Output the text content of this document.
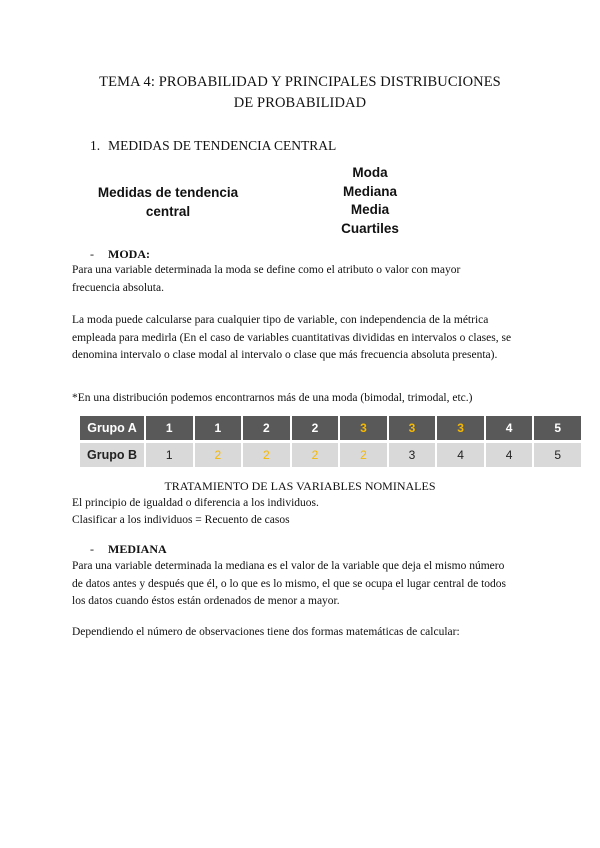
TEMA 4: PROBABILIDAD Y PRINCIPALES DISTRIBUCIONES
DE PROBABILIDAD
1. MEDIDAS DE TENDENCIA CENTRAL
Medidas de tendencia
central
Moda
Mediana
Media
Cuartiles
- MODA:
Para una variable determinada la moda se define como el atributo o valor con mayor frecuencia absoluta.
La moda puede calcularse para cualquier tipo de variable, con independencia de la métrica empleada para medirla (En el caso de variables cuantitativas divididas en intervalos o clases, se denomina intervalo o clase modal al intervalo o clase que más frecuencia absoluta presenta).
*En una distribución podemos encontrarnos más de una moda (bimodal, trimodal, etc.)
Grupo A	1	1	2	2	3	3	3	4	5
Grupo B	1	2	2	2	2	3	4	4	5
TRATAMIENTO DE LAS VARIABLES NOMINALES
El principio de igualdad o diferencia a los individuos.
Clasificar a los individuos = Recuento de casos
- MEDIANA
Para una variable determinada la mediana es el valor de la variable que deja el mismo número de datos antes y después que él, o lo que es lo mismo, el que se ocupa el lugar central de todos los datos cuando éstos están ordenados de menor a mayor.
Dependiendo el número de observaciones tiene dos formas matemáticas de calcular:
